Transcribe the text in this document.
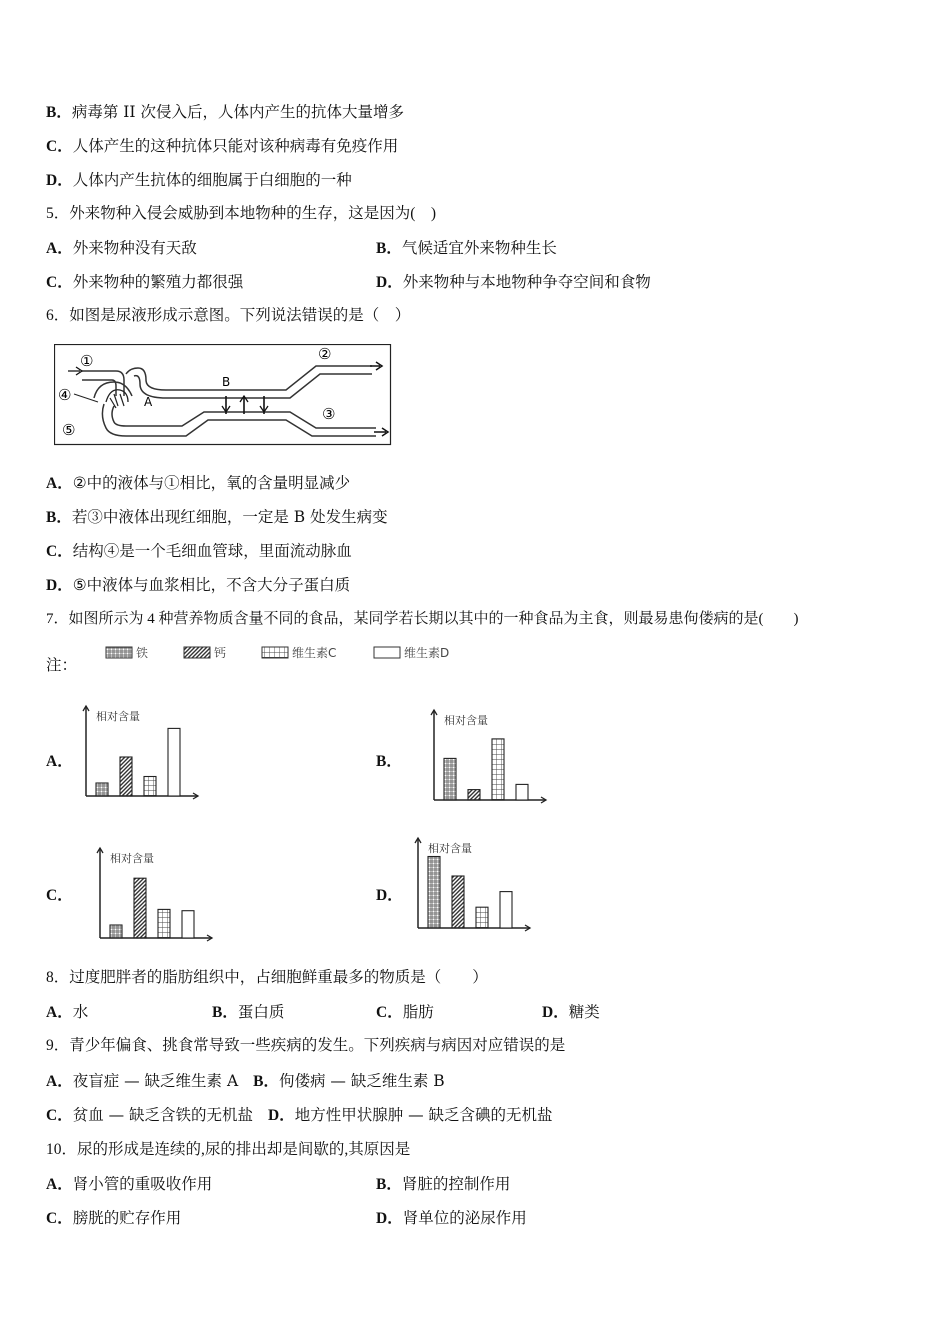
B．病毒第 II 次侵入后，人体内产生的抗体大量增多
C．人体产生的这种抗体只能对该种病毒有免疫作用
D．人体内产生抗体的细胞属于白细胞的一种
5．外来物种入侵会威胁到本地物种的生存，这是因为(　)
A．外来物种没有天敌	B．气候适宜外来物种生长
C．外来物种的繁殖力都很强	D．外来物种与本地物种争夺空间和食物
6．如图是尿液形成示意图。下列说法错误的是（　）
①	②
③
④
⑤
A
B
A．②中的液体与①相比，氧的含量明显减少
B．若③中液体出现红细胞，一定是 B 处发生病变
C．结构④是一个毛细血管球，里面流动脉血
D．⑤中液体与血浆相比，不含大分子蛋白质
7．如图所示为 4 种营养物质含量不同的食品，某同学若长期以其中的一种食品为主食，则最易患佝偻病的是(　　)
注：
铁	钙	维生素C	维生素D
A．	B．
C．	D．
相对含量	相对含量
相对含量
相对含量
8．过度肥胖者的脂肪组织中，占细胞鲜重最多的物质是（　　）
A．水	B．蛋白质	C．脂肪	D．糖类
9．青少年偏食、挑食常导致一些疾病的发生。下列疾病与病因对应错误的是
A．夜盲症 — 缺乏维生素 A B．佝偻病 — 缺乏维生素 B
C．贫血 — 缺乏含铁的无机盐 D．地方性甲状腺肿 — 缺乏含碘的无机盐
10．尿的形成是连续的,尿的排出却是间歇的,其原因是
A．肾小管的重吸收作用	B．肾脏的控制作用
C．膀胱的贮存作用	D．肾单位的泌尿作用
